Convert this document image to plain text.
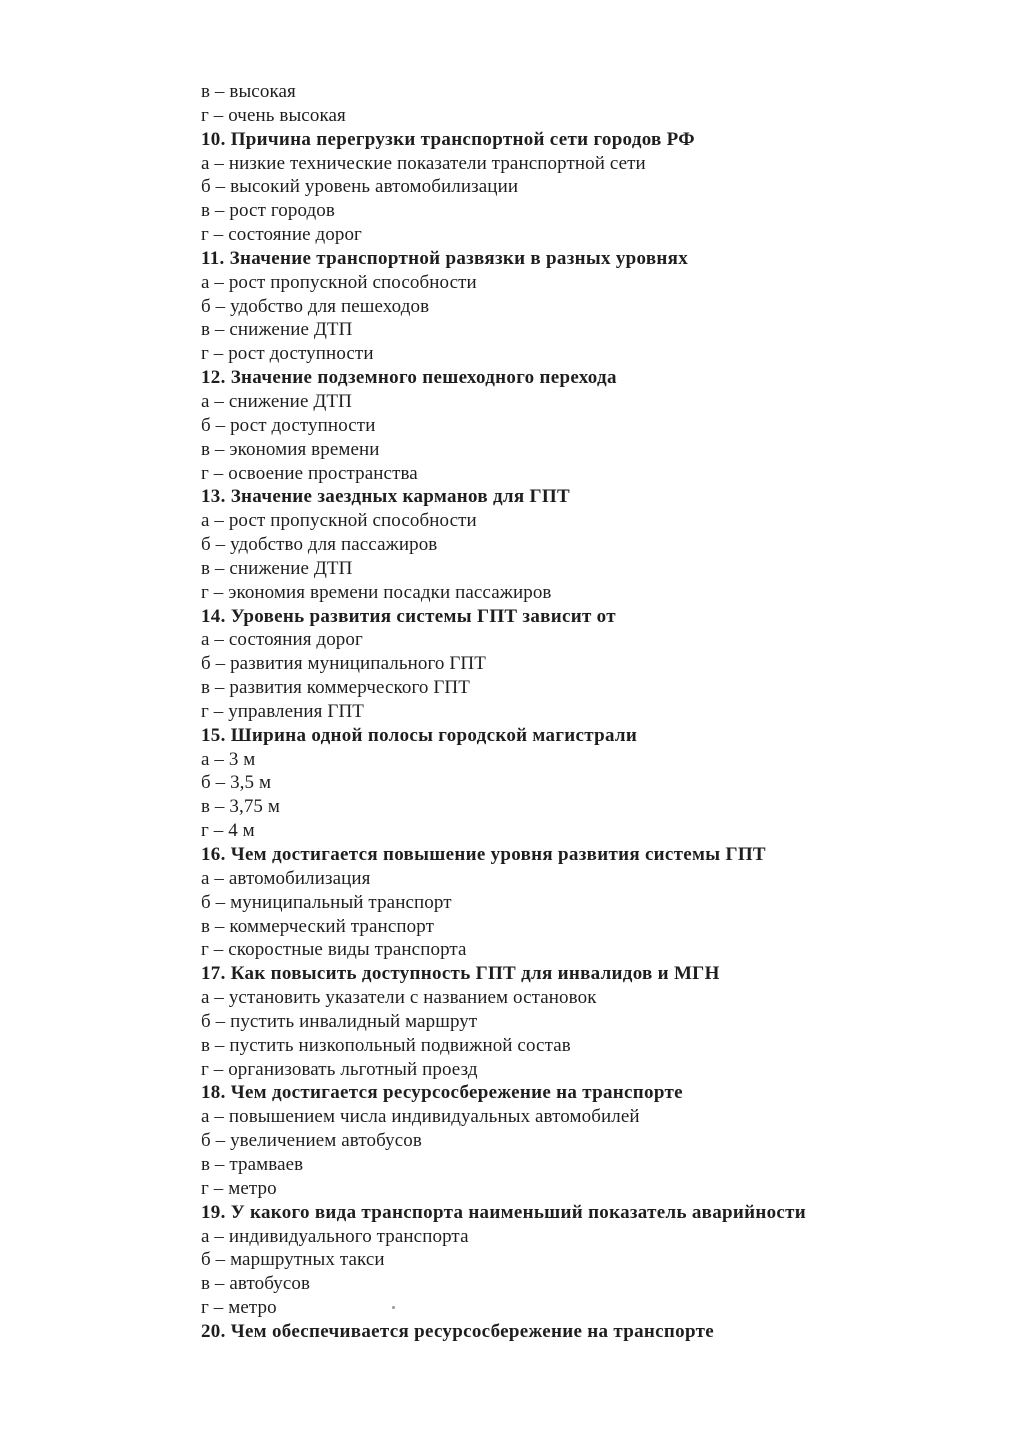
в – высокая
г – очень высокая
10. Причина перегрузки транспортной сети городов РФ
а – низкие технические показатели транспортной сети
б – высокий уровень автомобилизации
в – рост городов
г – состояние дорог
11. Значение транспортной развязки в разных уровнях
а – рост пропускной способности
б – удобство для пешеходов
в – снижение ДТП
г – рост доступности
12. Значение подземного пешеходного перехода
а – снижение ДТП
б – рост доступности
в – экономия времени
г – освоение пространства
13. Значение заездных карманов для ГПТ
а – рост пропускной способности
б – удобство для пассажиров
в – снижение ДТП
г – экономия времени посадки пассажиров
14. Уровень развития системы ГПТ зависит от
а – состояния дорог
б – развития муниципального ГПТ
в – развития коммерческого ГПТ
г – управления ГПТ
15. Ширина одной полосы городской магистрали
а – 3 м
б – 3,5 м
в – 3,75 м
г – 4 м
16. Чем достигается повышение уровня развития системы ГПТ
а – автомобилизация
б – муниципальный транспорт
в – коммерческий транспорт
г – скоростные виды транспорта
17. Как повысить доступность ГПТ для инвалидов и МГН
а – установить указатели с названием остановок
б – пустить инвалидный маршрут
в – пустить низкопольный подвижной состав
г – организовать льготный проезд
18. Чем достигается ресурсосбережение на транспорте
а – повышением числа индивидуальных автомобилей
б – увеличением автобусов
в – трамваев
г – метро
19. У какого вида транспорта наименьший показатель аварийности
а – индивидуального транспорта
б – маршрутных такси
в – автобусов
г – метро
20. Чем обеспечивается ресурсосбережение на транспорте
